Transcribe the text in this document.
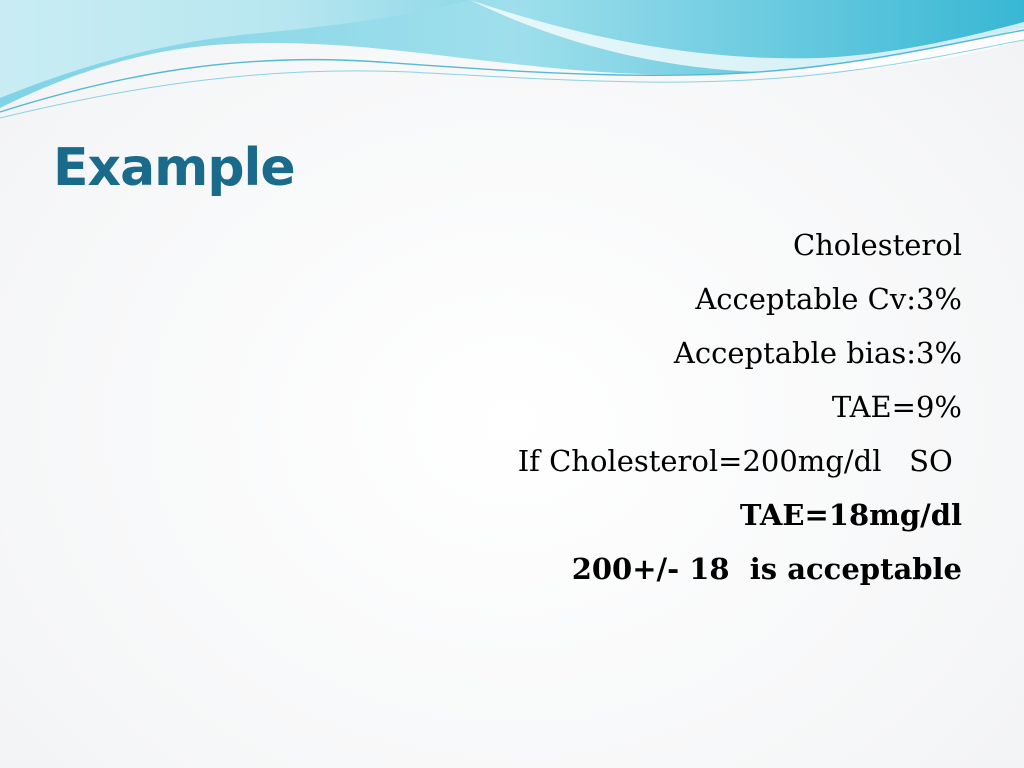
Example
Cholesterol
Acceptable Cv:3%
Acceptable bias:3%
TAE=9%
If Cholesterol=200mg/dl   SO
TAE=18mg/dl
200+/- 18  is acceptable
